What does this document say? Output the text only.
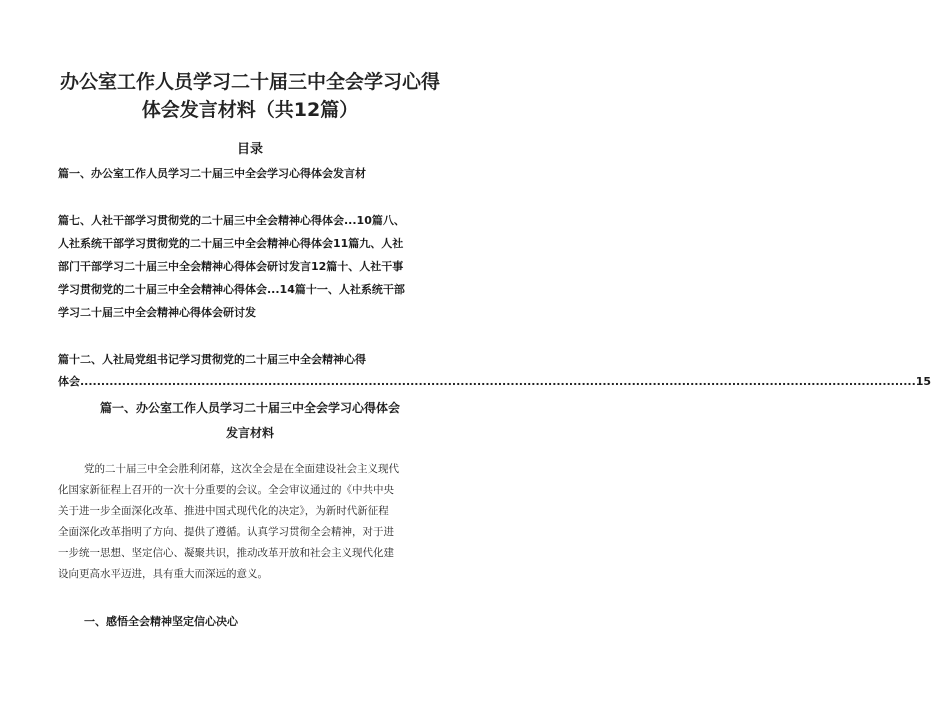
办公室工作人员学习二十届三中全会学习心得
体会发言材料（共12篇）
目录
篇一、办公室工作人员学习二十届三中全会学习心得体会发言材
篇七、人社干部学习贯彻党的二十届三中全会精神心得体会...10篇八、
人社系统干部学习贯彻党的二十届三中全会精神心得体会11篇九、人社
部门干部学习二十届三中全会精神心得体会研讨发言12篇十、人社干事
学习贯彻党的二十届三中全会精神心得体会...14篇十一、人社系统干部
学习二十届三中全会精神心得体会研讨发
篇十二、人社局党组书记学习贯彻党的二十届三中全会精神心得
体会 ........................................................................................................................................................................................................ 15
篇一、办公室工作人员学习二十届三中全会学习心得体会
发言材料
党的二十届三中全会胜利闭幕，这次全会是在全面建设社会主义现代
化国家新征程上召开的一次十分重要的会议。全会审议通过的《中共中央
关于进一步全面深化改革、推进中国式现代化的决定》，为新时代新征程
全面深化改革指明了方向、提供了遵循。认真学习贯彻全会精神，对于进
一步统一思想、坚定信心、凝聚共识，推动改革开放和社会主义现代化建
设向更高水平迈进，具有重大而深远的意义。
一、感悟全会精神坚定信心决心
